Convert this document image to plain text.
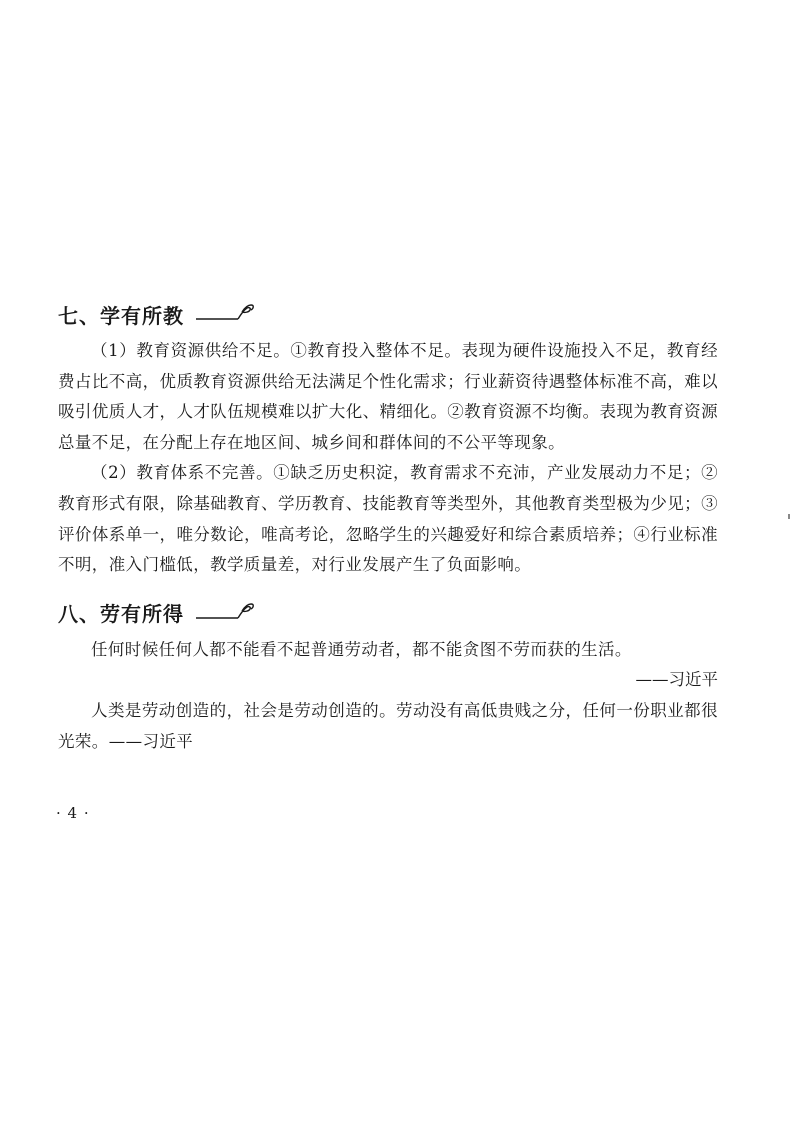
七、学有所教

（1）教育资源供给不足。①教育投入整体不足。表现为硬件设施投入不足，教育经费占比不高，优质教育资源供给无法满足个性化需求；行业薪资待遇整体标准不高，难以吸引优质人才，人才队伍规模难以扩大化、精细化。②教育资源不均衡。表现为教育资源总量不足，在分配上存在地区间、城乡间和群体间的不公平等现象。

（2）教育体系不完善。①缺乏历史积淀，教育需求不充沛，产业发展动力不足；②教育形式有限，除基础教育、学历教育、技能教育等类型外，其他教育类型极为少见；③评价体系单一，唯分数论，唯高考论，忽略学生的兴趣爱好和综合素质培养；④行业标准不明，准入门槛低，教学质量差，对行业发展产生了负面影响。

八、劳有所得

任何时候任何人都不能看不起普通劳动者，都不能贪图不劳而获的生活。

——习近平

人类是劳动创造的，社会是劳动创造的。劳动没有高低贵贱之分，任何一份职业都很光荣。——习近平

· 4 ·
